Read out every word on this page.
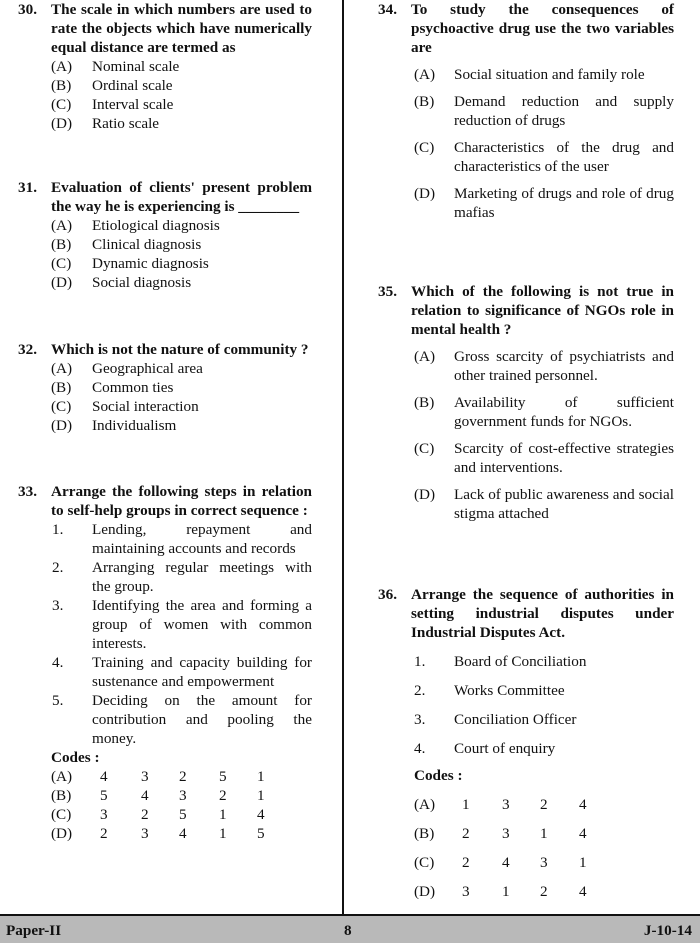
30. The scale in which numbers are used to rate the objects which have numerically equal distance are termed as
(A) Nominal scale
(B) Ordinal scale
(C) Interval scale
(D) Ratio scale
31. Evaluation of clients' present problem the way he is experiencing is ________
(A) Etiological diagnosis
(B) Clinical diagnosis
(C) Dynamic diagnosis
(D) Social diagnosis
32. Which is not the nature of community ?
(A) Geographical area
(B) Common ties
(C) Social interaction
(D) Individualism
33. Arrange the following steps in relation to self-help groups in correct sequence :
1. Lending, repayment and maintaining accounts and records
2. Arranging regular meetings with the group.
3. Identifying the area and forming a group of women with common interests.
4. Training and capacity building for sustenance and empowerment
5. Deciding on the amount for contribution and pooling the money.
Codes :
(A) 4 3 2 5 1
(B) 5 4 3 2 1
(C) 3 2 5 1 4
(D) 2 3 4 1 5
34. To study the consequences of psychoactive drug use the two variables are
(A) Social situation and family role
(B) Demand reduction and supply reduction of drugs
(C) Characteristics of the drug and characteristics of the user
(D) Marketing of drugs and role of drug mafias
35. Which of the following is not true in relation to significance of NGOs role in mental health ?
(A) Gross scarcity of psychiatrists and other trained personnel.
(B) Availability of sufficient government funds for NGOs.
(C) Scarcity of cost-effective strategies and interventions.
(D) Lack of public awareness and social stigma attached
36. Arrange the sequence of authorities in setting industrial disputes under Industrial Disputes Act.
1. Board of Conciliation
2. Works Committee
3. Conciliation Officer
4. Court of enquiry
Codes :
(A) 1 3 2 4
(B) 2 3 1 4
(C) 2 4 3 1
(D) 3 1 2 4
Paper-II	8	J-10-14
